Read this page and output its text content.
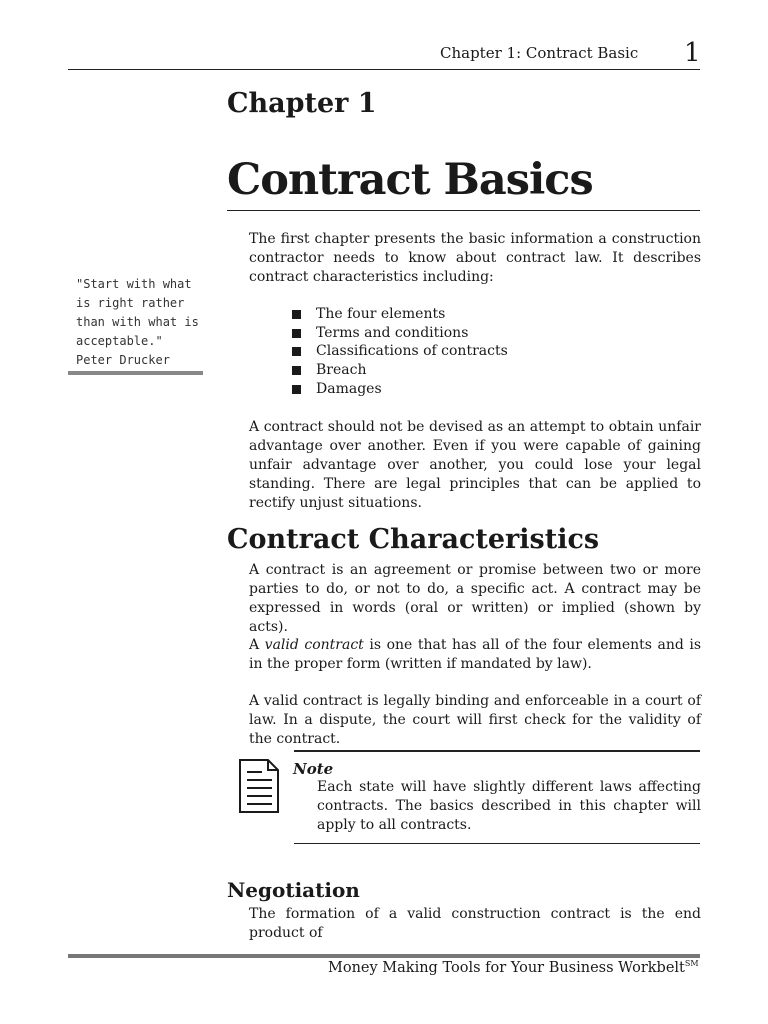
Chapter 1: Contract Basic 1
Chapter 1
Contract Basics
The first chapter presents the basic information a construction contractor needs to know about contract law. It describes contract characteristics including:
"Start with what
is right rather
than with what is
acceptable."
Peter Drucker
The four elements
Terms and conditions
Classifications of contracts
Breach
Damages
A contract should not be devised as an attempt to obtain unfair advantage over another. Even if you were capable of gaining unfair advantage over another, you could lose your legal standing. There are legal principles that can be applied to rectify unjust situations.
Contract Characteristics
A contract is an agreement or promise between two or more parties to do, or not to do, a specific act. A contract may be expressed in words (oral or written) or implied (shown by acts).
A valid contract is one that has all of the four elements and is in the proper form (written if mandated by law).
A valid contract is legally binding and enforceable in a court of law. In a dispute, the court will first check for the validity of the contract.
Note
Each state will have slightly different laws affecting contracts. The basics described in this chapter will apply to all contracts.
Negotiation
The formation of a valid construction contract is the end product of
Money Making Tools for Your Business Workbelt℠
